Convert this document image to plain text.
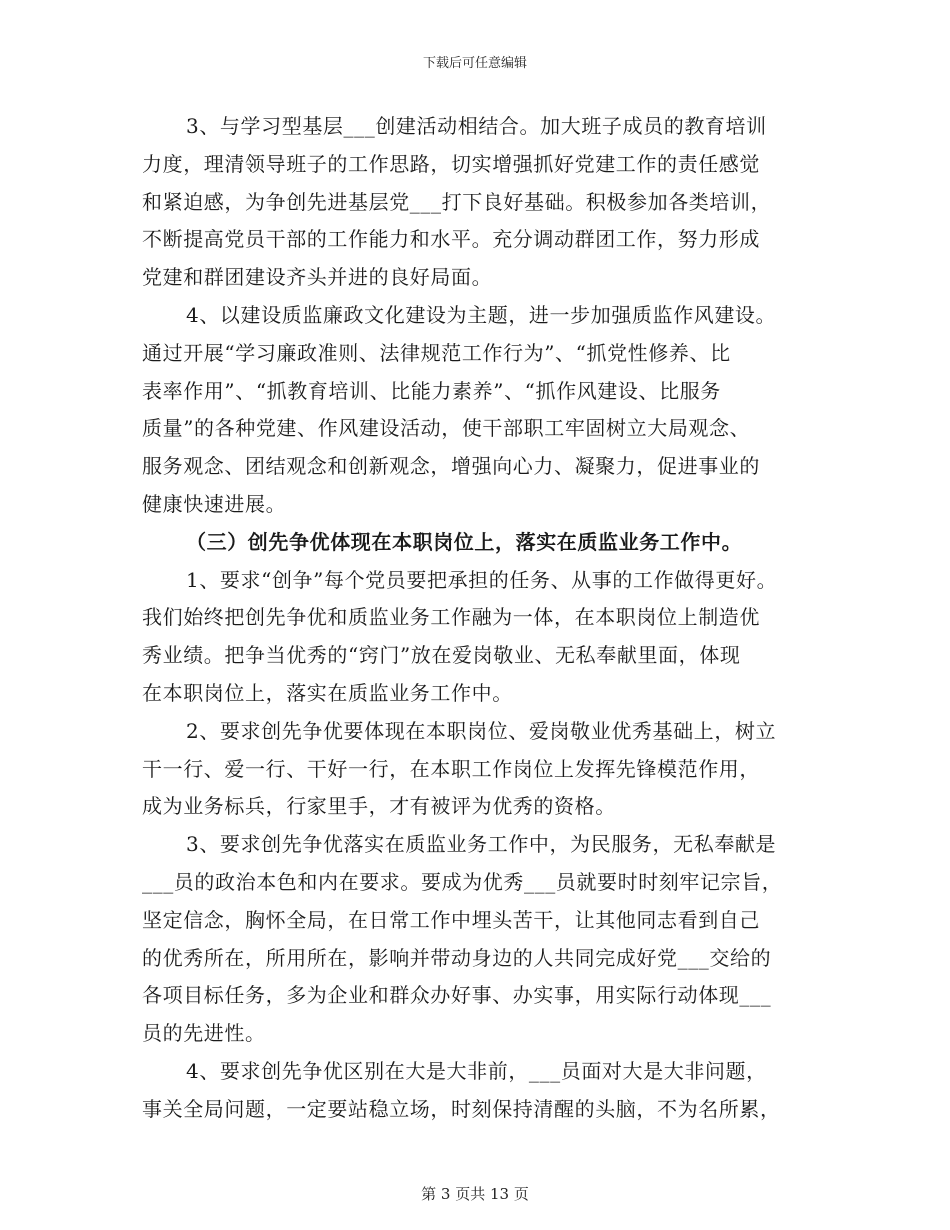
下载后可任意编辑
3、与学习型基层___创建活动相结合。加大班子成员的教育培训
力度，理清领导班子的工作思路，切实增强抓好党建工作的责任感觉
和紧迫感，为争创先进基层党___打下良好基础。积极参加各类培训，
不断提高党员干部的工作能力和水平。充分调动群团工作，努力形成
党建和群团建设齐头并进的良好局面。
4、以建设质监廉政文化建设为主题，进一步加强质监作风建设。
通过开展“学习廉政准则、法律规范工作行为”、“抓党性修养、比
表率作用”、“抓教育培训、比能力素养”、“抓作风建设、比服务
质量”的各种党建、作风建设活动，使干部职工牢固树立大局观念、
服务观念、团结观念和创新观念，增强向心力、凝聚力，促进事业的
健康快速进展。
（三）创先争优体现在本职岗位上，落实在质监业务工作中。
1、要求“创争”每个党员要把承担的任务、从事的工作做得更好。
我们始终把创先争优和质监业务工作融为一体，在本职岗位上制造优
秀业绩。把争当优秀的“窍门”放在爱岗敬业、无私奉献里面，体现
在本职岗位上，落实在质监业务工作中。
2、要求创先争优要体现在本职岗位、爱岗敬业优秀基础上，树立
干一行、爱一行、干好一行，在本职工作岗位上发挥先锋模范作用，
成为业务标兵，行家里手，才有被评为优秀的资格。
3、要求创先争优落实在质监业务工作中，为民服务，无私奉献是
___员的政治本色和内在要求。要成为优秀___员就要时时刻牢记宗旨，
坚定信念，胸怀全局，在日常工作中埋头苦干，让其他同志看到自己
的优秀所在，所用所在，影响并带动身边的人共同完成好党___交给的
各项目标任务，多为企业和群众办好事、办实事，用实际行动体现___
员的先进性。
4、要求创先争优区别在大是大非前，___员面对大是大非问题，
事关全局问题，一定要站稳立场，时刻保持清醒的头脑，不为名所累，
第 3 页共 13 页
